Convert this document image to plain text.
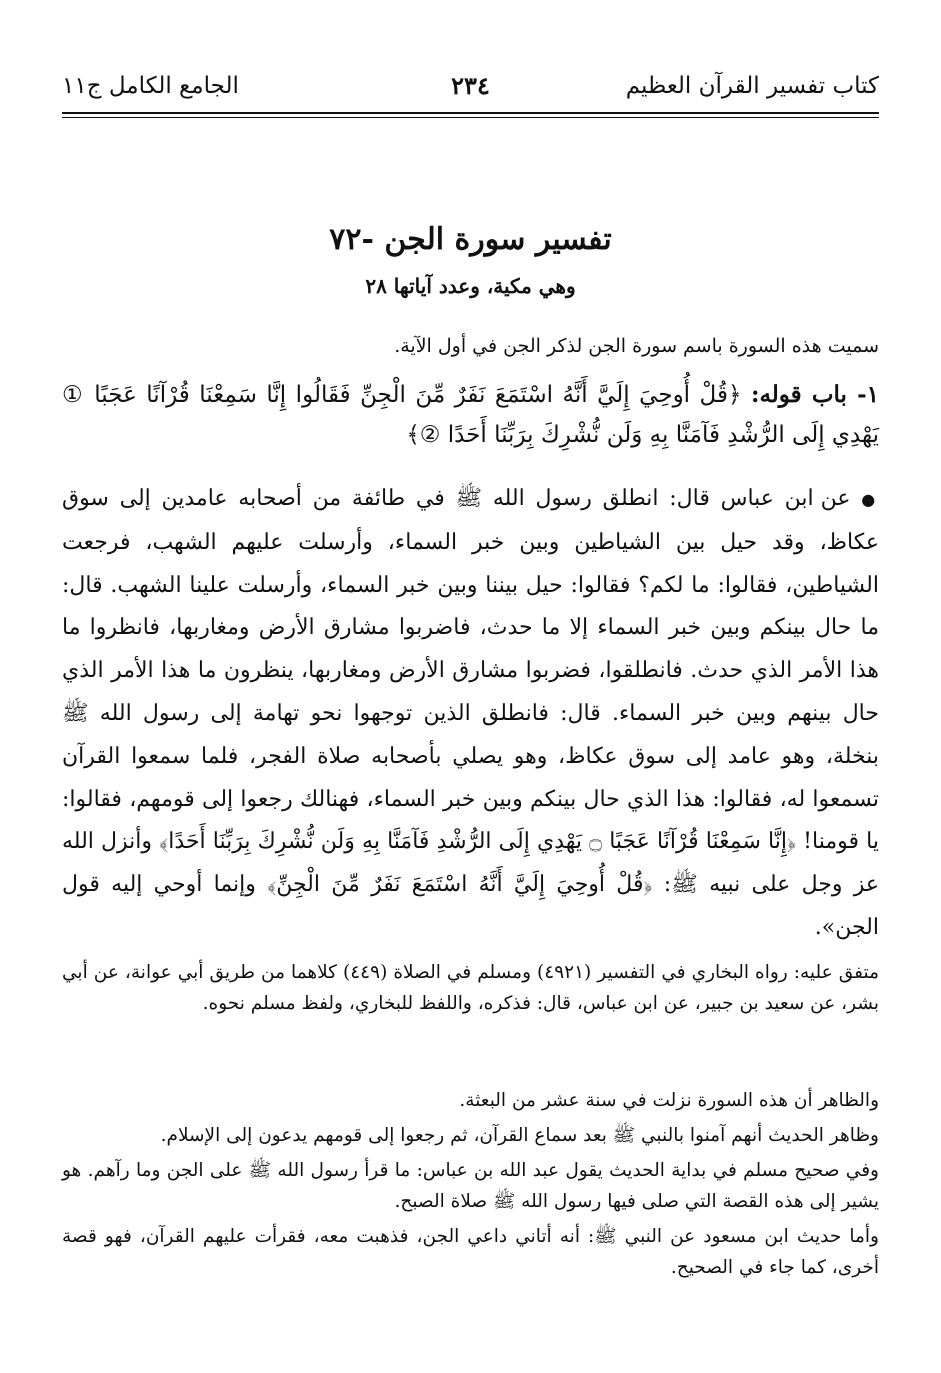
كتاب تفسير القرآن العظيم
٢٣٤
الجامع الكامل ج١١
تفسير سورة الجن -٧٢
وهي مكية، وعدد آياتها ٢٨
سميت هذه السورة باسم سورة الجن لذكر الجن في أول الآية.
١- باب قوله: ﴿قُلْ أُوحِيَ إِلَيَّ أَنَّهُ اسْتَمَعَ نَفَرٌ مِّنَ الْجِنِّ فَقَالُوا إِنَّا سَمِعْنَا قُرْآنًا عَجَبًا ① يَهْدِي إِلَى الرُّشْدِ فَآمَنَّا بِهِ وَلَن نُّشْرِكَ بِرَبِّنَا أَحَدًا ②﴾
● عن ابن عباس قال: انطلق رسول الله ﷺ في طائفة من أصحابه عامدين إلى سوق عكاظ، وقد حيل بين الشياطين وبين خبر السماء، وأرسلت عليهم الشهب، فرجعت الشياطين، فقالوا: ما لكم؟ فقالوا: حيل بيننا وبين خبر السماء، وأرسلت علينا الشهب. قال: ما حال بينكم وبين خبر السماء إلا ما حدث، فاضربوا مشارق الأرض ومغاربها، فانظروا ما هذا الأمر الذي حدث. فانطلقوا، فضربوا مشارق الأرض ومغاربها، ينظرون ما هذا الأمر الذي حال بينهم وبين خبر السماء. قال: فانطلق الذين توجهوا نحو تهامة إلى رسول الله ﷺ بنخلة، وهو عامد إلى سوق عكاظ، وهو يصلي بأصحابه صلاة الفجر، فلما سمعوا القرآن تسمعوا له، فقالوا: هذا الذي حال بينكم وبين خبر السماء، فهنالك رجعوا إلى قومهم، فقالوا: يا قومنا! ﴿إِنَّا سَمِعْنَا قُرْآنًا عَجَبًا ۝ يَهْدِي إِلَى الرُّشْدِ فَآمَنَّا بِهِ وَلَن نُّشْرِكَ بِرَبِّنَا أَحَدًا﴾ وأنزل الله عز وجل على نبيه ﷺ: ﴿قُلْ أُوحِيَ إِلَيَّ أَنَّهُ اسْتَمَعَ نَفَرٌ مِّنَ الْجِنِّ﴾ وإنما أوحي إليه قول الجن».
متفق عليه: رواه البخاري في التفسير (٤٩٢١) ومسلم في الصلاة (٤٤٩) كلاهما من طريق أبي عوانة، عن أبي بشر، عن سعيد بن جبير، عن ابن عباس، قال: فذكره، واللفظ للبخاري، ولفظ مسلم نحوه.

والظاهر أن هذه السورة نزلت في سنة عشر من البعثة.

وظاهر الحديث أنهم آمنوا بالنبي ﷺ بعد سماع القرآن، ثم رجعوا إلى قومهم يدعون إلى الإسلام.

وفي صحيح مسلم في بداية الحديث يقول عبد الله بن عباس: ما قرأ رسول الله ﷺ على الجن وما رآهم. هو يشير إلى هذه القصة التي صلى فيها رسول الله ﷺ صلاة الصبح.

وأما حديث ابن مسعود عن النبي ﷺ: أنه أتاني داعي الجن، فذهبت معه، فقرأت عليهم القرآن، فهو قصة أخرى، كما جاء في الصحيح.
